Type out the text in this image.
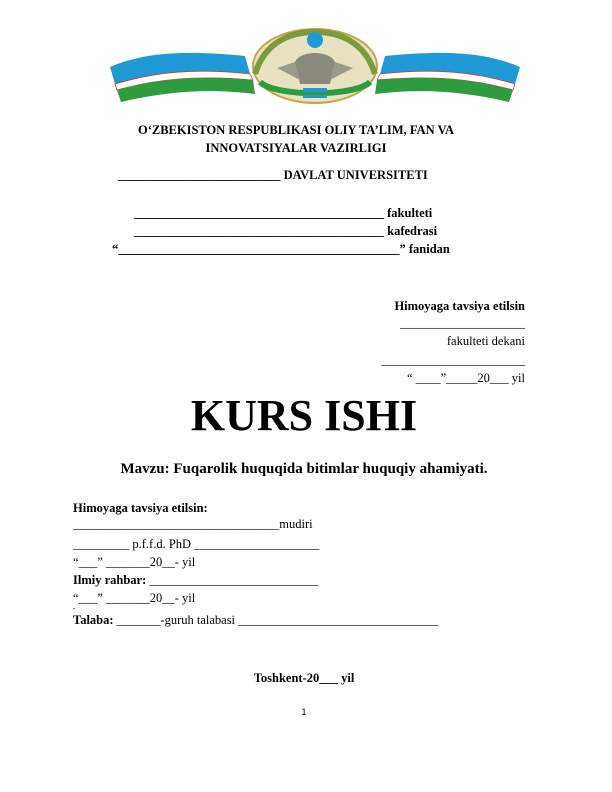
O‘ZBEKISTON RESPUBLIKASI OLIY TA’LIM, FAN VA
INNOVATSIYALAR VAZIRLIGI
__________________________ DAVLAT UNIVERSITETI
________________________________________ fakulteti
________________________________________ kafedrasi
“_____________________________________________” fanidan
Himoyaga tavsiya etilsin
____________________
fakulteti dekani
_______________________
“ ____”_____20___ yil
KURS ISHI
Mavzu: Fuqarolik huquqida bitimlar huquqiy ahamiyati.
Himoyaga tavsiya etilsin:
_________________________________mudiri
_________ p.f.f.d. PhD ____________________
“___” _______20__- yil
Ilmiy rahbar: ___________________________
“___” _______20__- yil
-
Talaba: _______-guruh talabasi ________________________________
Toshkent-20___ yil
1
